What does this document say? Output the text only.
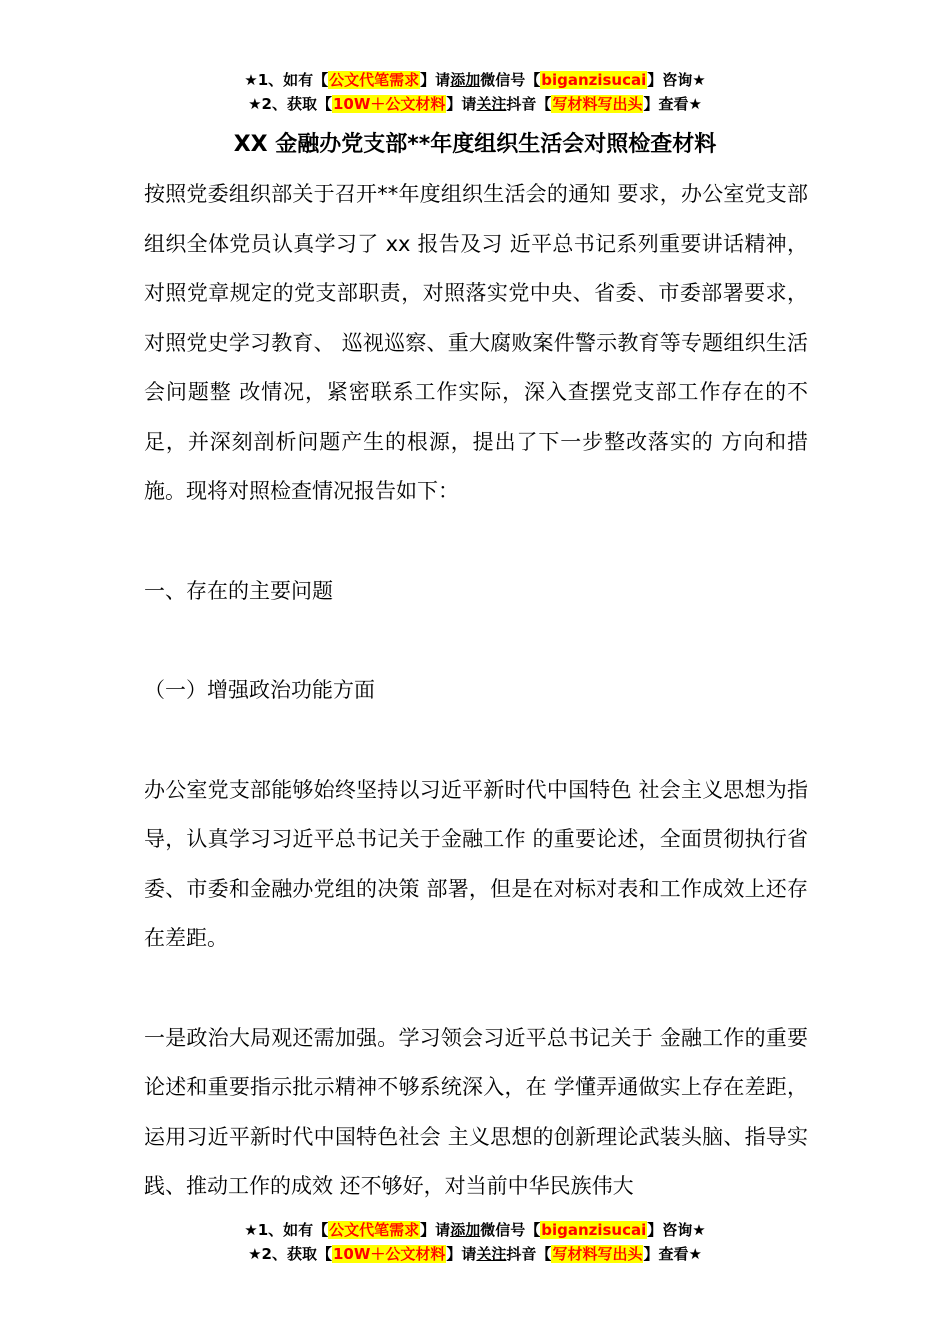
★1、如有【公文代笔需求】请添加微信号【biganzisucai】咨询★
★2、获取【10W＋公文材料】请关注抖音【写材料写出头】查看★
XX 金融办党支部**年度组织生活会对照检查材料

按照党委组织部关于召开**年度组织生活会的通知 要求，办公室党支部组织全体党员认真学习了 xx 报告及习 近平总书记系列重要讲话精神，对照党章规定的党支部职责，对照落实党中央、省委、市委部署要求，对照党史学习教育、 巡视巡察、重大腐败案件警示教育等专题组织生活会问题整 改情况，紧密联系工作实际，深入查摆党支部工作存在的不 足，并深刻剖析问题产生的根源，提出了下一步整改落实的 方向和措施。现将对照检查情况报告如下：

一、存在的主要问题

（一）增强政治功能方面

办公室党支部能够始终坚持以习近平新时代中国特色 社会主义思想为指导，认真学习习近平总书记关于金融工作 的重要论述，全面贯彻执行省委、市委和金融办党组的决策 部署，但是在对标对表和工作成效上还存在差距。

一是政治大局观还需加强。学习领会习近平总书记关于 金融工作的重要论述和重要指示批示精神不够系统深入，在 学懂弄通做实上存在差距，运用习近平新时代中国特色社会 主义思想的创新理论武装头脑、指导实践、推动工作的成效 还不够好，对当前中华民族伟大

★1、如有【公文代笔需求】请添加微信号【biganzisucai】咨询★
★2、获取【10W＋公文材料】请关注抖音【写材料写出头】查看★
